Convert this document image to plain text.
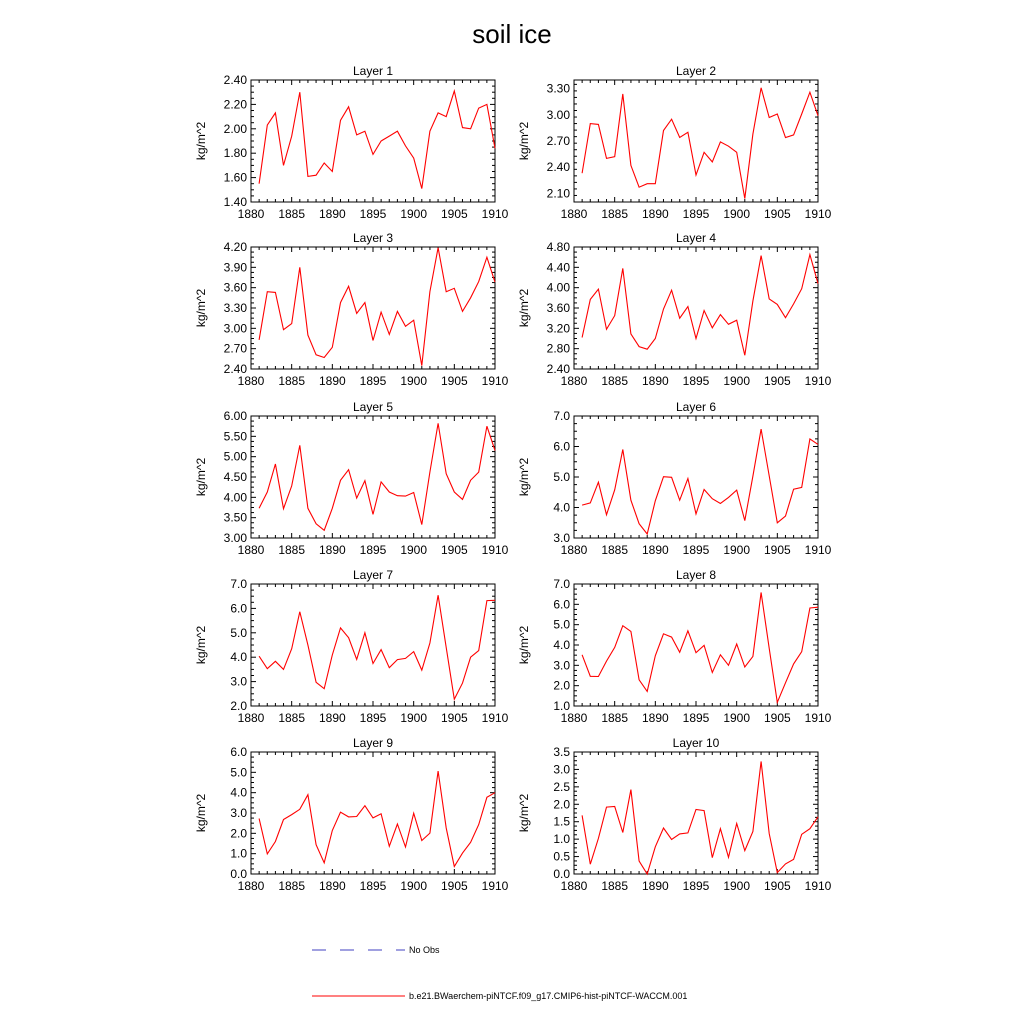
soil ice
Layer 1
1880 1885 1890 1895 1900 1905 1910
1.40
1.60
1.80
2.00
2.20
2.40
kg/m^2
Layer 2
1880 1885 1890 1895 1900 1905 1910
2.10
2.40
2.70
3.00
3.30
kg/m^2
Layer 3
1880 1885 1890 1895 1900 1905 1910
2.40
2.70
3.00
3.30
3.60
3.90
4.20
kg/m^2
Layer 4
1880 1885 1890 1895 1900 1905 1910
2.40
2.80
3.20
3.60
4.00
4.40
4.80
kg/m^2
Layer 5
1880 1885 1890 1895 1900 1905 1910
3.00
3.50
4.00
4.50
5.00
5.50
6.00
kg/m^2
Layer 6
1880 1885 1890 1895 1900 1905 1910
3.0
4.0
5.0
6.0
7.0
kg/m^2
Layer 7
1880 1885 1890 1895 1900 1905 1910
2.0
3.0
4.0
5.0
6.0
7.0
kg/m^2
Layer 8
1880 1885 1890 1895 1900 1905 1910
1.0
2.0
3.0
4.0
5.0
6.0
7.0
kg/m^2
Layer 9
1880 1885 1890 1895 1900 1905 1910
0.0
1.0
2.0
3.0
4.0
5.0
6.0
kg/m^2
Layer 10
1880 1885 1890 1895 1900 1905 1910
0.0
0.5
1.0
1.5
2.0
2.5
3.0
3.5
kg/m^2
No Obs
b.e21.BWaerchem-piNTCF.f09_g17.CMIP6-hist-piNTCF-WACCM.001
